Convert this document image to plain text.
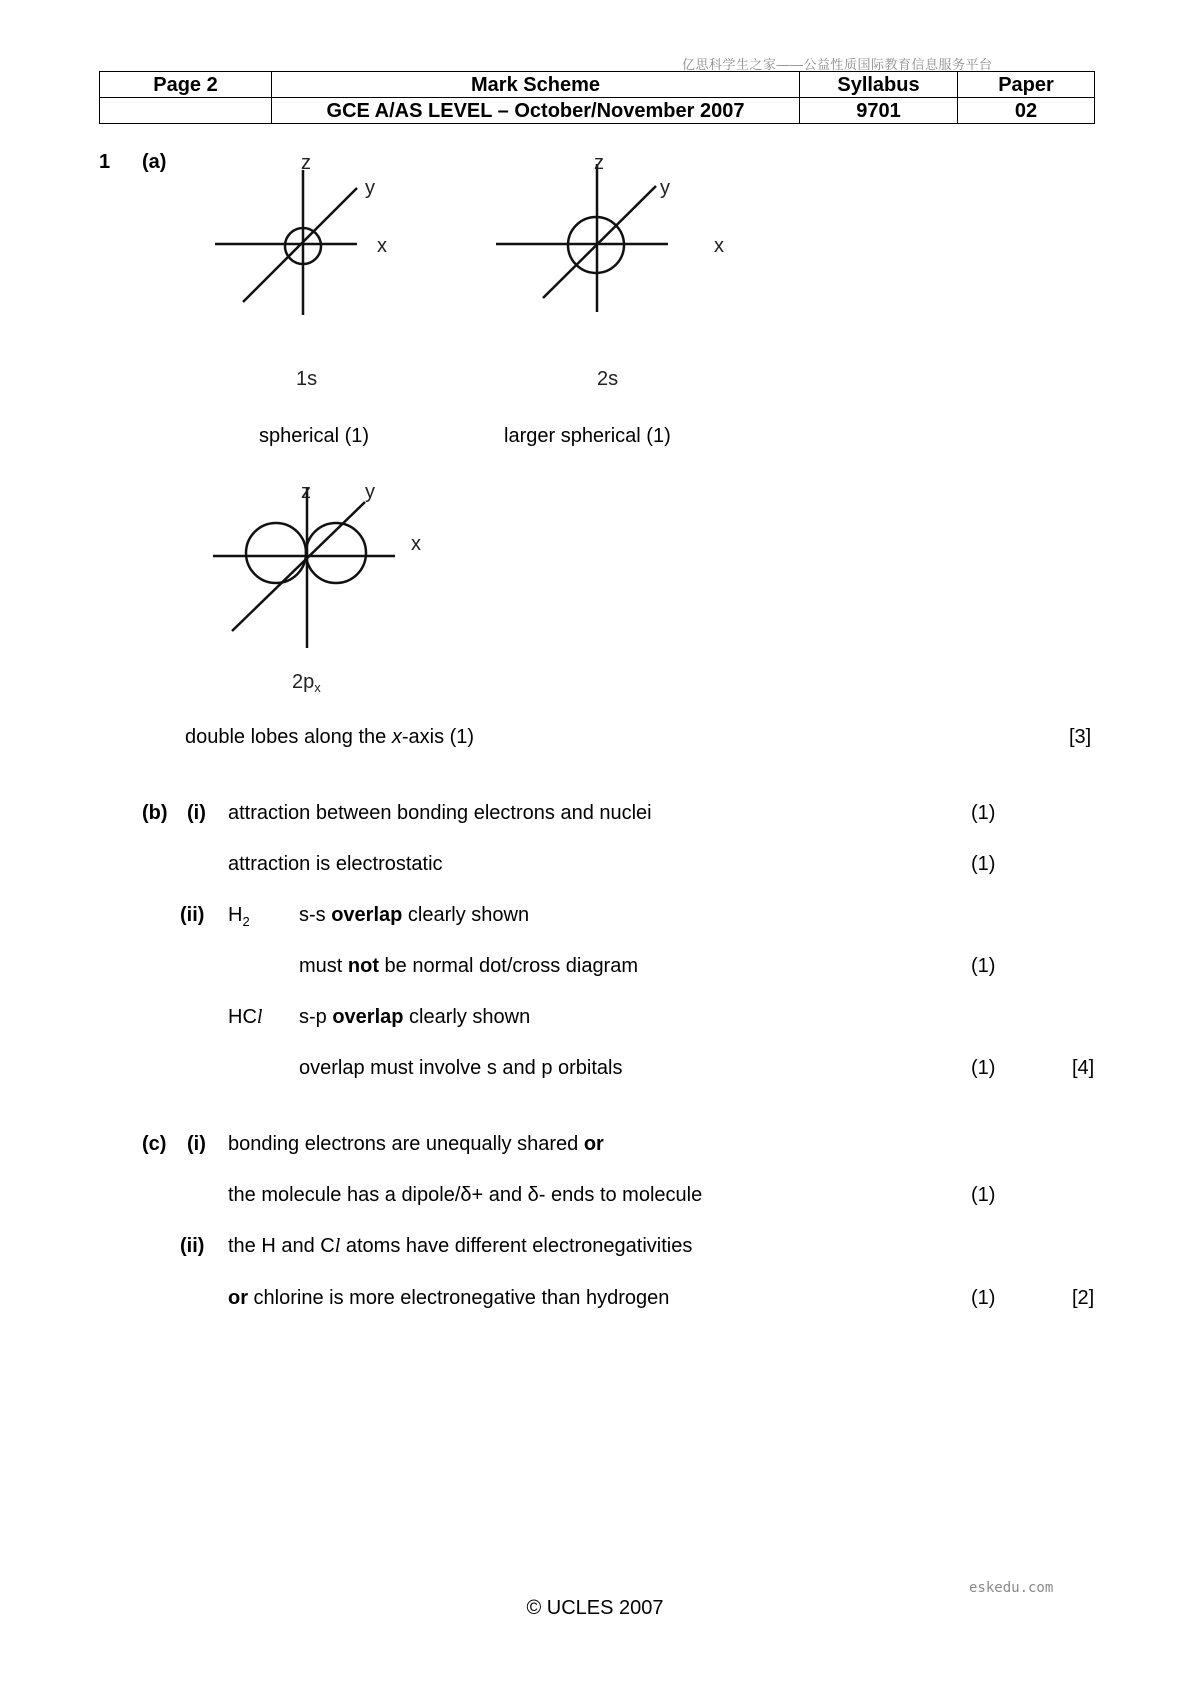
亿思科学生之家——公益性质国际教育信息服务平台
eskedu.com
Page 2	Mark Scheme	Syllabus	Paper
	GCE A/AS LEVEL – October/November 2007	9701	02
1 (a)	z
y
x
1s
z
y
x
2s
spherical (1)	larger spherical (1)
z	y
x
$2p_x$
double lobes along the x-axis (1)	[3]
(b) (i) attraction between bonding electrons and nuclei	(1)
attraction is electrostatic	(1)
(ii) $H_2$ s-s overlap clearly shown
must not be normal dot/cross diagram	(1)
HCl s-p overlap clearly shown
overlap must involve s and p orbitals	(1)	[4]
(c) (i) bonding electrons are unequally shared or
the molecule has a dipole/δ+ and δ- ends to molecule	(1)
(ii) the H and Cl atoms have different electronegativities
or chlorine is more electronegative than hydrogen	(1)	[2]
© UCLES 2007
